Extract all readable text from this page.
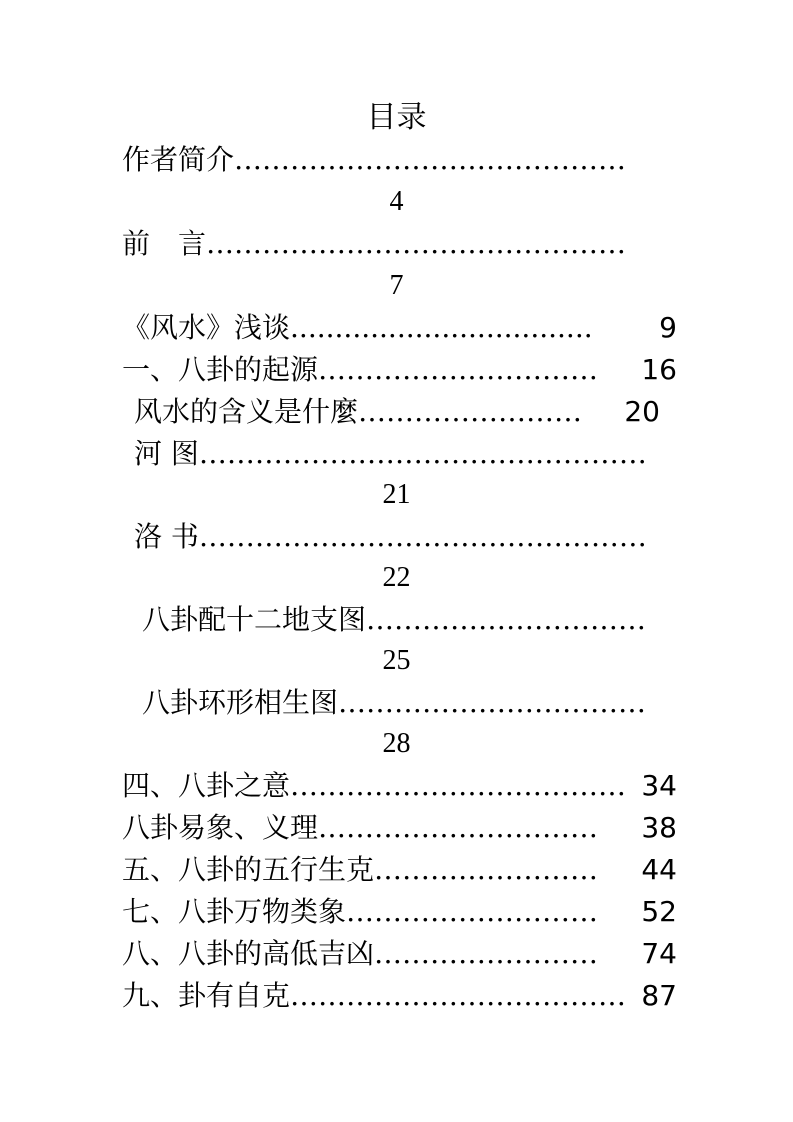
目录
作者简介……………………………………
4
前　言………………………………………
7
《风水》浅谈.................................. 9
一、八卦的起源………………………… 16
风水的含义是什麼…………………… 20
河 图…………………………………………
21
洛 书…………………………………………
22
八卦配十二地支图…………………………
25
八卦环形相生图……………………………
28
四、八卦之意……………………………… 34
八卦易象、义理………………………… 38
五、八卦的五行生克…………………… 44
七、八卦万物类象……………………… 52
八、八卦的高低吉凶…………………… 74
九、卦有自克……………………………… 87
